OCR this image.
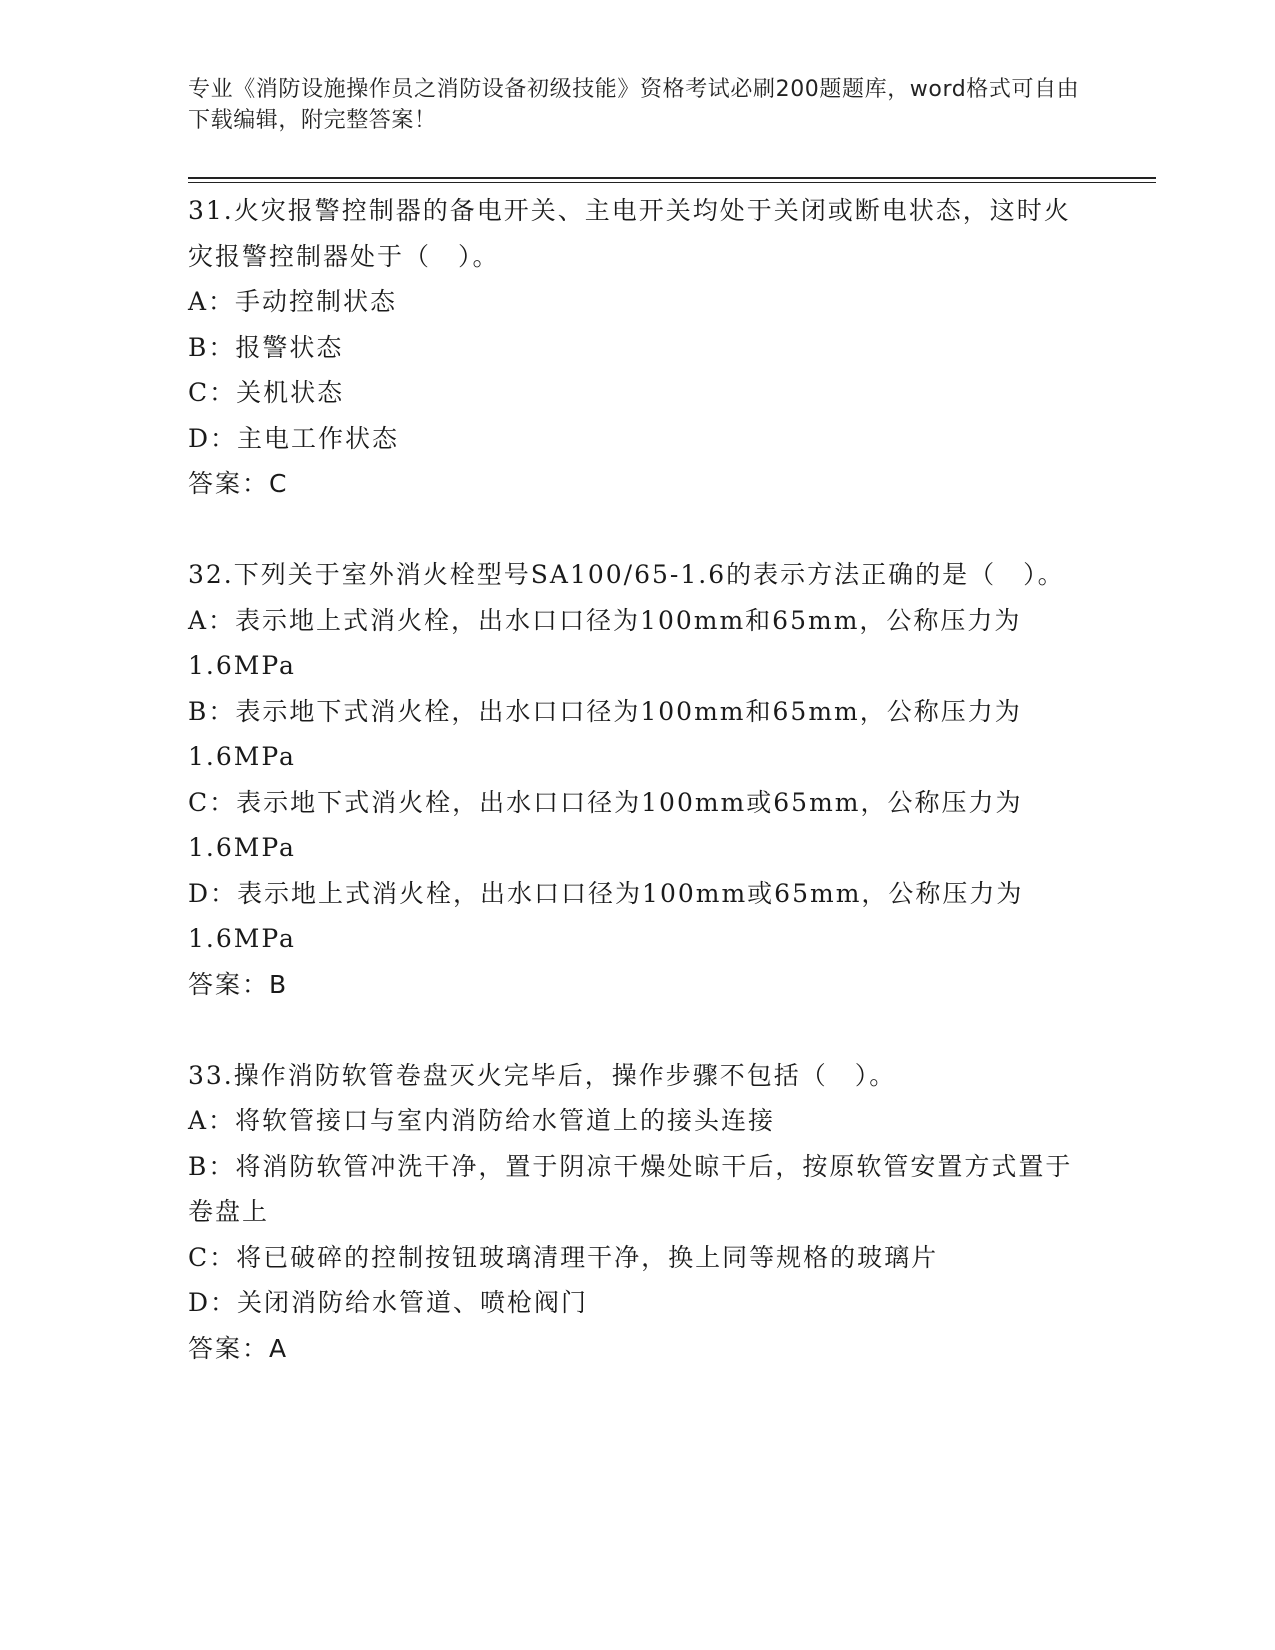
专业《消防设施操作员之消防设备初级技能》资格考试必刷200题题库，word格式可自由下载编辑，附完整答案！

31.火灾报警控制器的备电开关、主电开关均处于关闭或断电状态，这时火灾报警控制器处于（　）。

A：手动控制状态

B：报警状态

C：关机状态

D：主电工作状态

答案：C

32.下列关于室外消火栓型号SA100/65-1.6的表示方法正确的是（　）。

A：表示地上式消火栓，出水口口径为100mm和65mm，公称压力为1.6MPa

B：表示地下式消火栓，出水口口径为100mm和65mm，公称压力为1.6MPa

C：表示地下式消火栓，出水口口径为100mm或65mm，公称压力为1.6MPa

D：表示地上式消火栓，出水口口径为100mm或65mm，公称压力为1.6MPa

答案：B

33.操作消防软管卷盘灭火完毕后，操作步骤不包括（　）。

A：将软管接口与室内消防给水管道上的接头连接

B：将消防软管冲洗干净，置于阴凉干燥处晾干后，按原软管安置方式置于卷盘上

C：将已破碎的控制按钮玻璃清理干净，换上同等规格的玻璃片

D：关闭消防给水管道、喷枪阀门

答案：A
